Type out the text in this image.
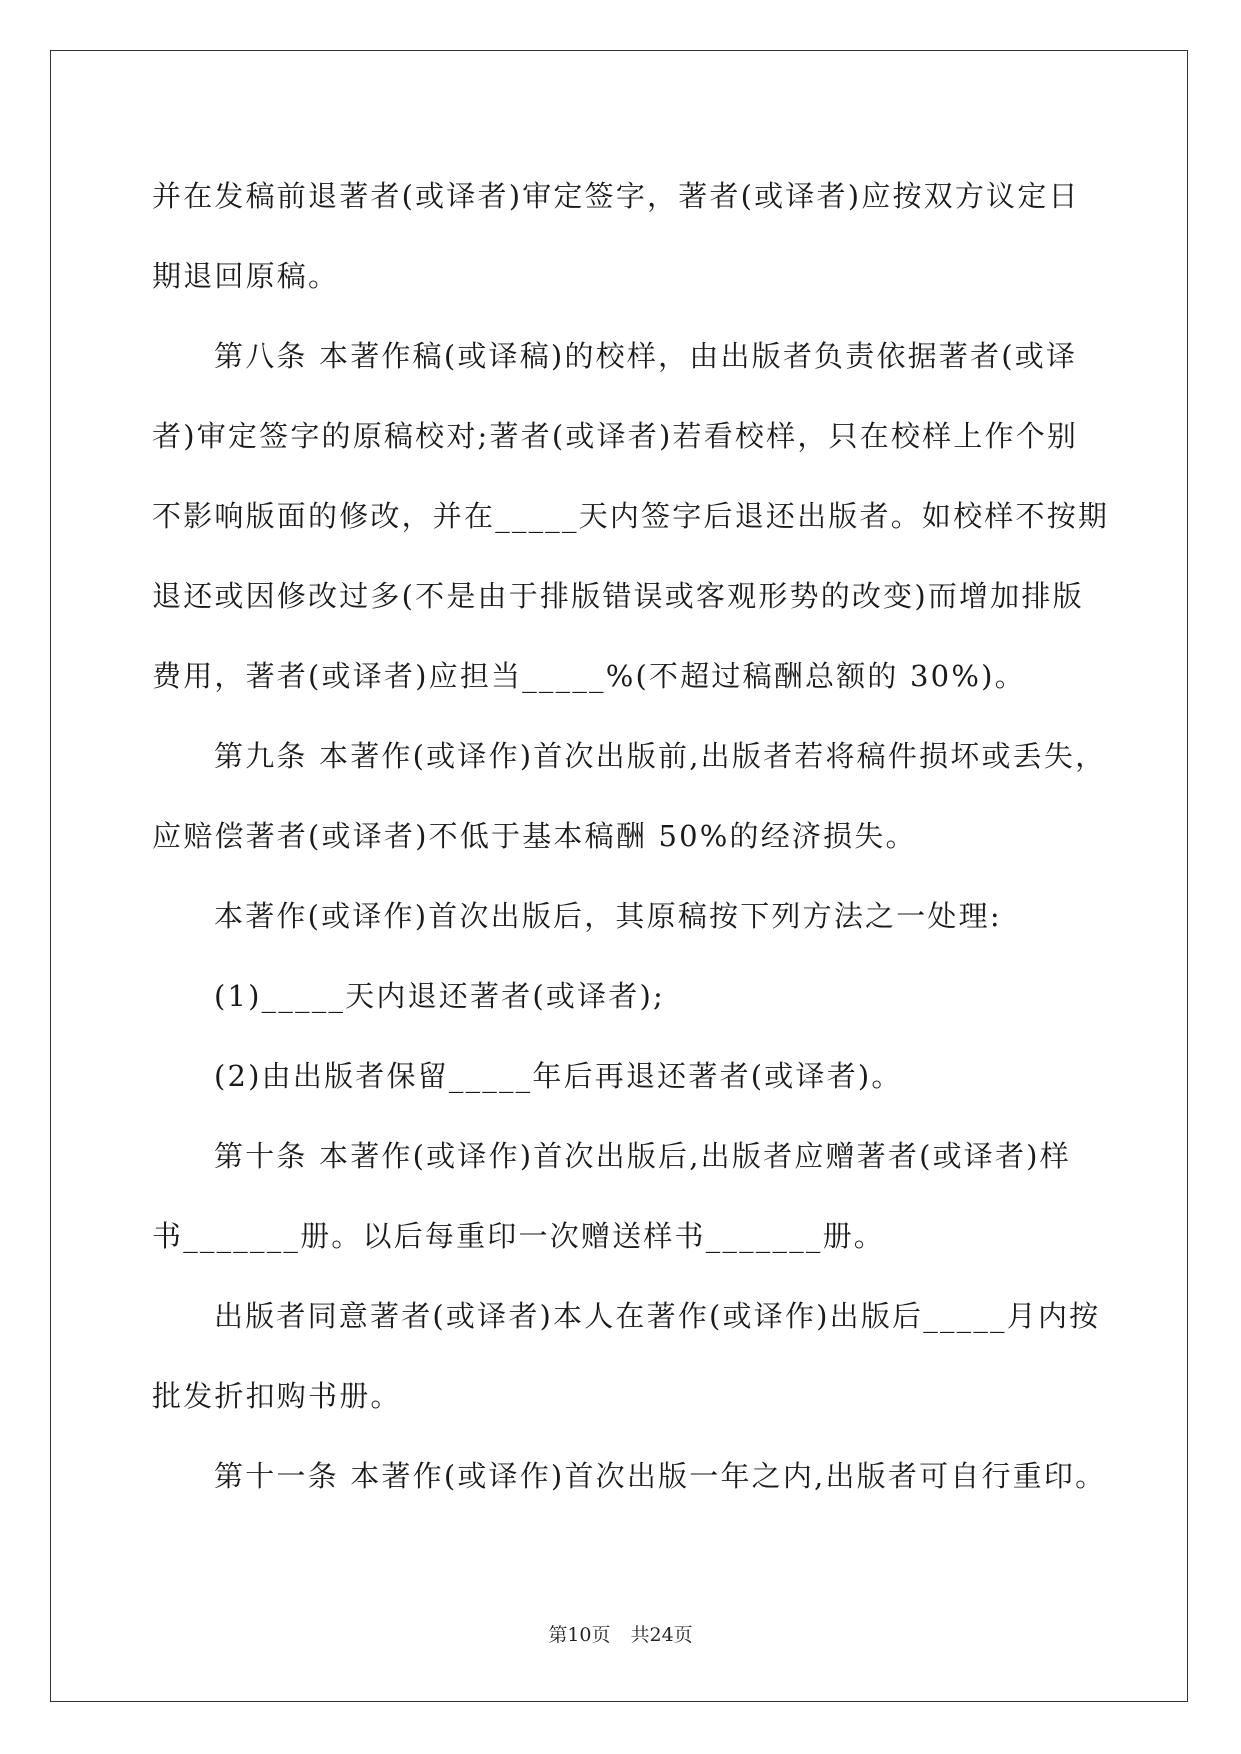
并在发稿前退著者(或译者)审定签字，著者(或译者)应按双方议定日
期退回原稿。
第八条 本著作稿(或译稿)的校样，由出版者负责依据著者(或译
者)审定签字的原稿校对;著者(或译者)若看校样，只在校样上作个别
不影响版面的修改，并在_____天内签字后退还出版者。如校样不按期
退还或因修改过多(不是由于排版错误或客观形势的改变)而增加排版
费用，著者(或译者)应担当_____%(不超过稿酬总额的 30%)。
第九条 本著作(或译作)首次出版前,出版者若将稿件损坏或丢失，
应赔偿著者(或译者)不低于基本稿酬 50%的经济损失。
本著作(或译作)首次出版后，其原稿按下列方法之一处理:
(1)_____天内退还著者(或译者);
(2)由出版者保留_____年后再退还著者(或译者)。
第十条 本著作(或译作)首次出版后,出版者应赠著者(或译者)样
书_______册。以后每重印一次赠送样书_______册。
出版者同意著者(或译者)本人在著作(或译作)出版后_____月内按
批发折扣购书册。
第十一条 本著作(或译作)首次出版一年之内,出版者可自行重印。
第10页 共24页
